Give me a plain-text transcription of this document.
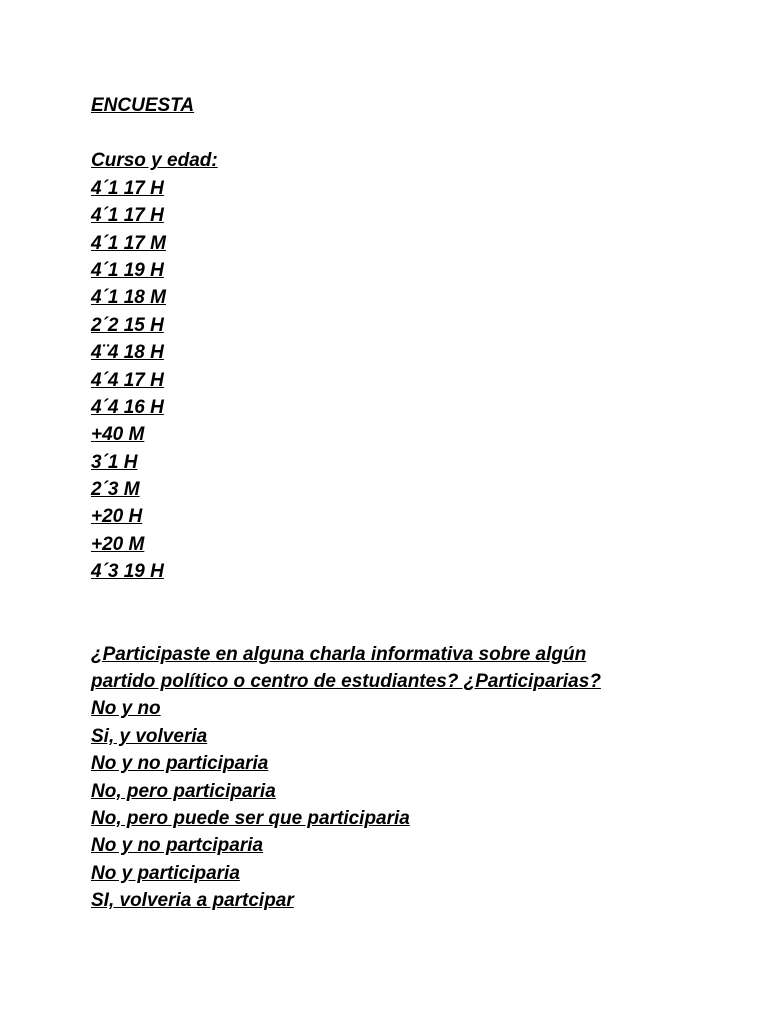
ENCUESTA
Curso y edad:
4´1 17 H
4´1 17 H
4´1 17 M
4´1 19 H
4´1 18 M
2´2 15 H
4¨4 18 H
4´4 17 H
4´4 16 H
+40 M
3´1 H
2´3 M
+20 H
+20 M
4´3 19 H
¿Participaste en alguna charla informativa sobre algún
partido político o centro de estudiantes? ¿Participarias?
No y no
Si, y volveria
No y no participaria
No, pero participaria
No, pero puede ser que participaria
No y no partciparia
No y participaria
SI, volveria a partcipar
